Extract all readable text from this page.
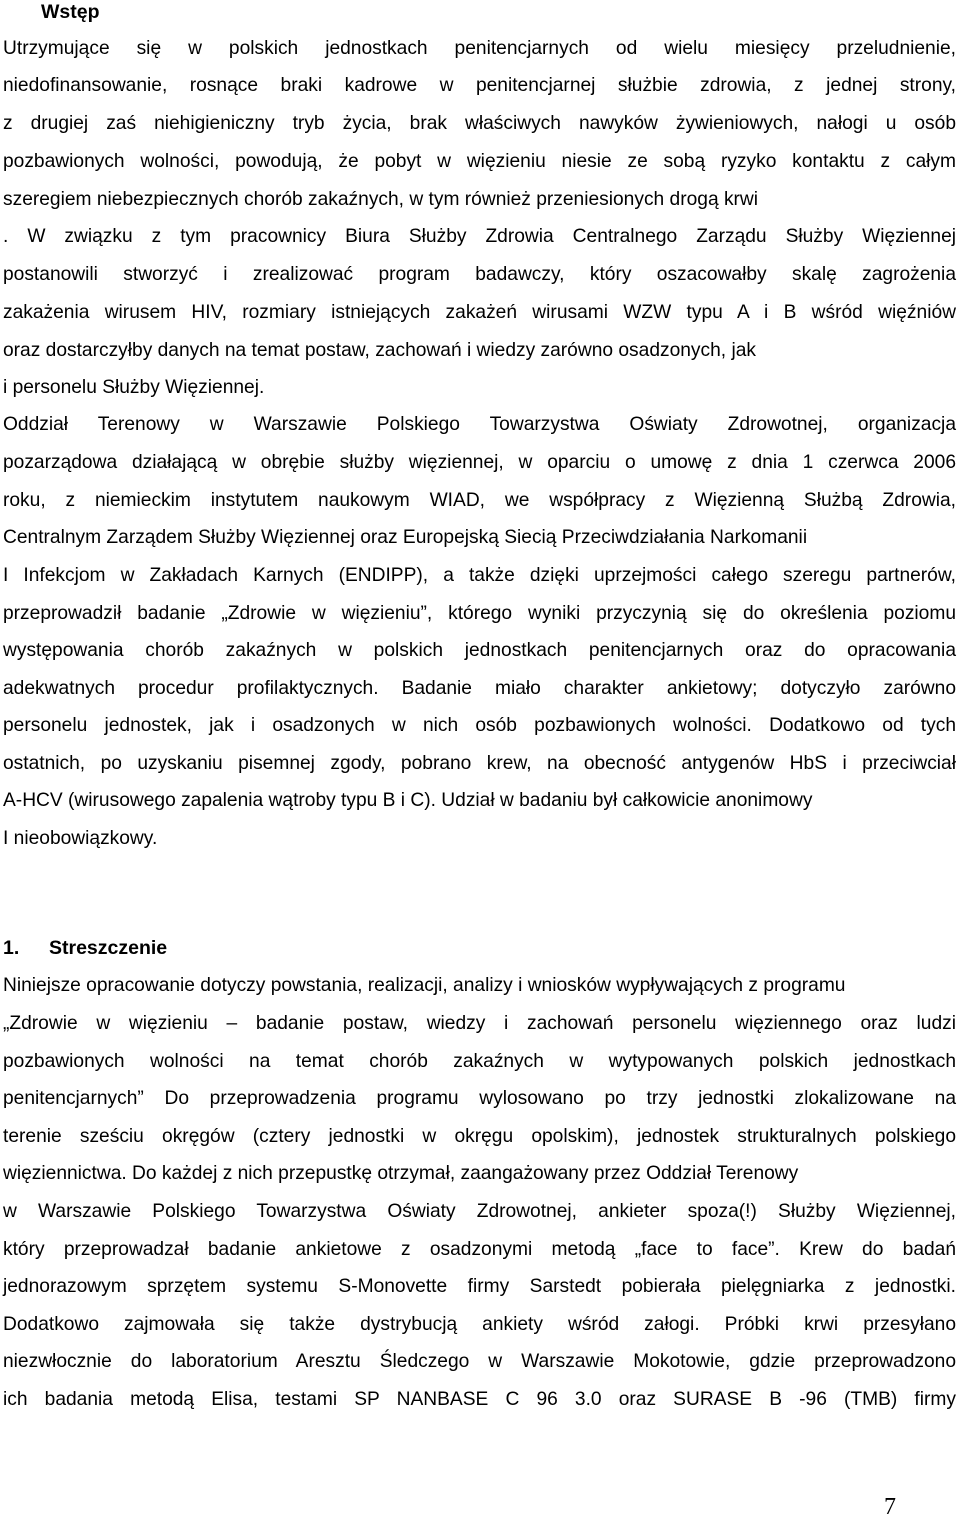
Wstęp
Utrzymujące się w polskich jednostkach penitencjarnych od wielu miesięcy przeludnienie,
niedofinansowanie, rosnące braki kadrowe w penitencjarnej służbie zdrowia, z jednej strony,
z drugiej zaś niehigieniczny tryb życia, brak właściwych nawyków żywieniowych, nałogi u osób
pozbawionych wolności, powodują, że pobyt w więzieniu niesie ze sobą ryzyko kontaktu z całym
szeregiem niebezpiecznych chorób zakaźnych, w tym również przeniesionych drogą krwi
. W związku z tym pracownicy Biura Służby Zdrowia Centralnego Zarządu Służby Więziennej
postanowili stworzyć i zrealizować program badawczy, który oszacowałby skalę zagrożenia
zakażenia wirusem HIV, rozmiary istniejących zakażeń wirusami WZW typu A i B wśród więźniów
oraz dostarczyłby danych na temat postaw, zachowań i wiedzy zarówno osadzonych, jak
i personelu Służby Więziennej.
Oddział Terenowy w Warszawie Polskiego Towarzystwa Oświaty Zdrowotnej, organizacja
pozarządowa działającą w obrębie służby więziennej, w oparciu o umowę z dnia 1 czerwca 2006
roku, z niemieckim instytutem naukowym WIAD, we współpracy z Więzienną Służbą Zdrowia,
Centralnym Zarządem Służby Więziennej oraz Europejską Siecią Przeciwdziałania Narkomanii
I Infekcjom w Zakładach Karnych (ENDIPP), a także dzięki uprzejmości całego szeregu partnerów,
przeprowadził badanie „Zdrowie w więzieniu”, którego wyniki przyczynią się do określenia poziomu
występowania chorób zakaźnych w polskich jednostkach penitencjarnych oraz do opracowania
adekwatnych procedur profilaktycznych. Badanie miało charakter ankietowy; dotyczyło zarówno
personelu jednostek, jak i osadzonych w nich osób pozbawionych wolności. Dodatkowo od tych
ostatnich, po uzyskaniu pisemnej zgody, pobrano krew, na obecność antygenów HbS i przeciwciał
A-HCV (wirusowego zapalenia wątroby typu B i C). Udział w badaniu był całkowicie anonimowy
I nieobowiązkowy.
1. Streszczenie
Niniejsze opracowanie dotyczy powstania, realizacji, analizy i wniosków wypływających z programu
„Zdrowie w więzieniu – badanie postaw, wiedzy i zachowań personelu więziennego oraz ludzi
pozbawionych wolności na temat chorób zakaźnych w wytypowanych polskich jednostkach
penitencjarnych” Do przeprowadzenia programu wylosowano po trzy jednostki zlokalizowane na
terenie sześciu okręgów (cztery jednostki w okręgu opolskim), jednostek strukturalnych polskiego
więziennictwa. Do każdej z nich przepustkę otrzymał, zaangażowany przez Oddział Terenowy
w Warszawie Polskiego Towarzystwa Oświaty Zdrowotnej, ankieter spoza(!) Służby Więziennej,
który przeprowadzał badanie ankietowe z osadzonymi metodą „face to face”. Krew do badań
jednorazowym sprzętem systemu S-Monovette firmy Sarstedt pobierała pielęgniarka z jednostki.
Dodatkowo zajmowała się także dystrybucją ankiety wśród załogi. Próbki krwi przesyłano
niezwłocznie do laboratorium Aresztu Śledczego w Warszawie Mokotowie, gdzie przeprowadzono
ich badania metodą Elisa, testami SP NANBASE C 96 3.0 oraz SURASE B -96 (TMB) firmy
7
